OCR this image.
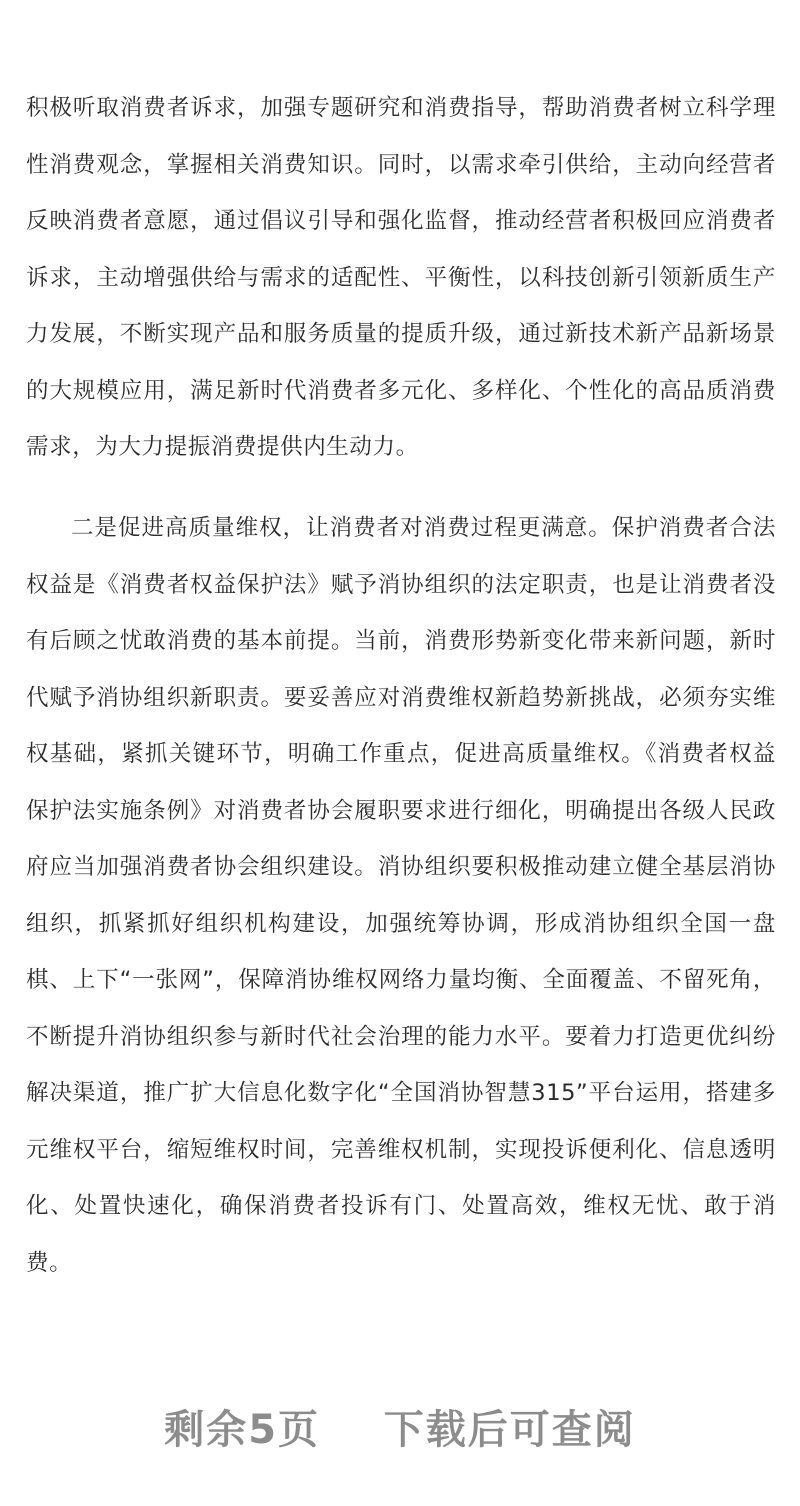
积极听取消费者诉求，加强专题研究和消费指导，帮助消费者树立科学理性消费观念，掌握相关消费知识。同时，以需求牵引供给，主动向经营者反映消费者意愿，通过倡议引导和强化监督，推动经营者积极回应消费者诉求，主动增强供给与需求的适配性、平衡性，以科技创新引领新质生产力发展，不断实现产品和服务质量的提质升级，通过新技术新产品新场景的大规模应用，满足新时代消费者多元化、多样化、个性化的高品质消费需求，为大力提振消费提供内生动力。

二是促进高质量维权，让消费者对消费过程更满意。保护消费者合法权益是《消费者权益保护法》赋予消协组织的法定职责，也是让消费者没有后顾之忧敢消费的基本前提。当前，消费形势新变化带来新问题，新时代赋予消协组织新职责。要妥善应对消费维权新趋势新挑战，必须夯实维权基础，紧抓关键环节，明确工作重点，促进高质量维权。《消费者权益保护法实施条例》对消费者协会履职要求进行细化，明确提出各级人民政府应当加强消费者协会组织建设。消协组织要积极推动建立健全基层消协组织，抓紧抓好组织机构建设，加强统筹协调，形成消协组织全国一盘棋、上下“一张网”，保障消协维权网络力量均衡、全面覆盖、不留死角，不断提升消协组织参与新时代社会治理的能力水平。要着力打造更优纠纷解决渠道，推广扩大信息化数字化“全国消协智慧315”平台运用，搭建多元维权平台，缩短维权时间，完善维权机制，实现投诉便利化、信息透明化、处置快速化，确保消费者投诉有门、处置高效，维权无忧、敢于消费。

剩余5页    下载后可查阅
